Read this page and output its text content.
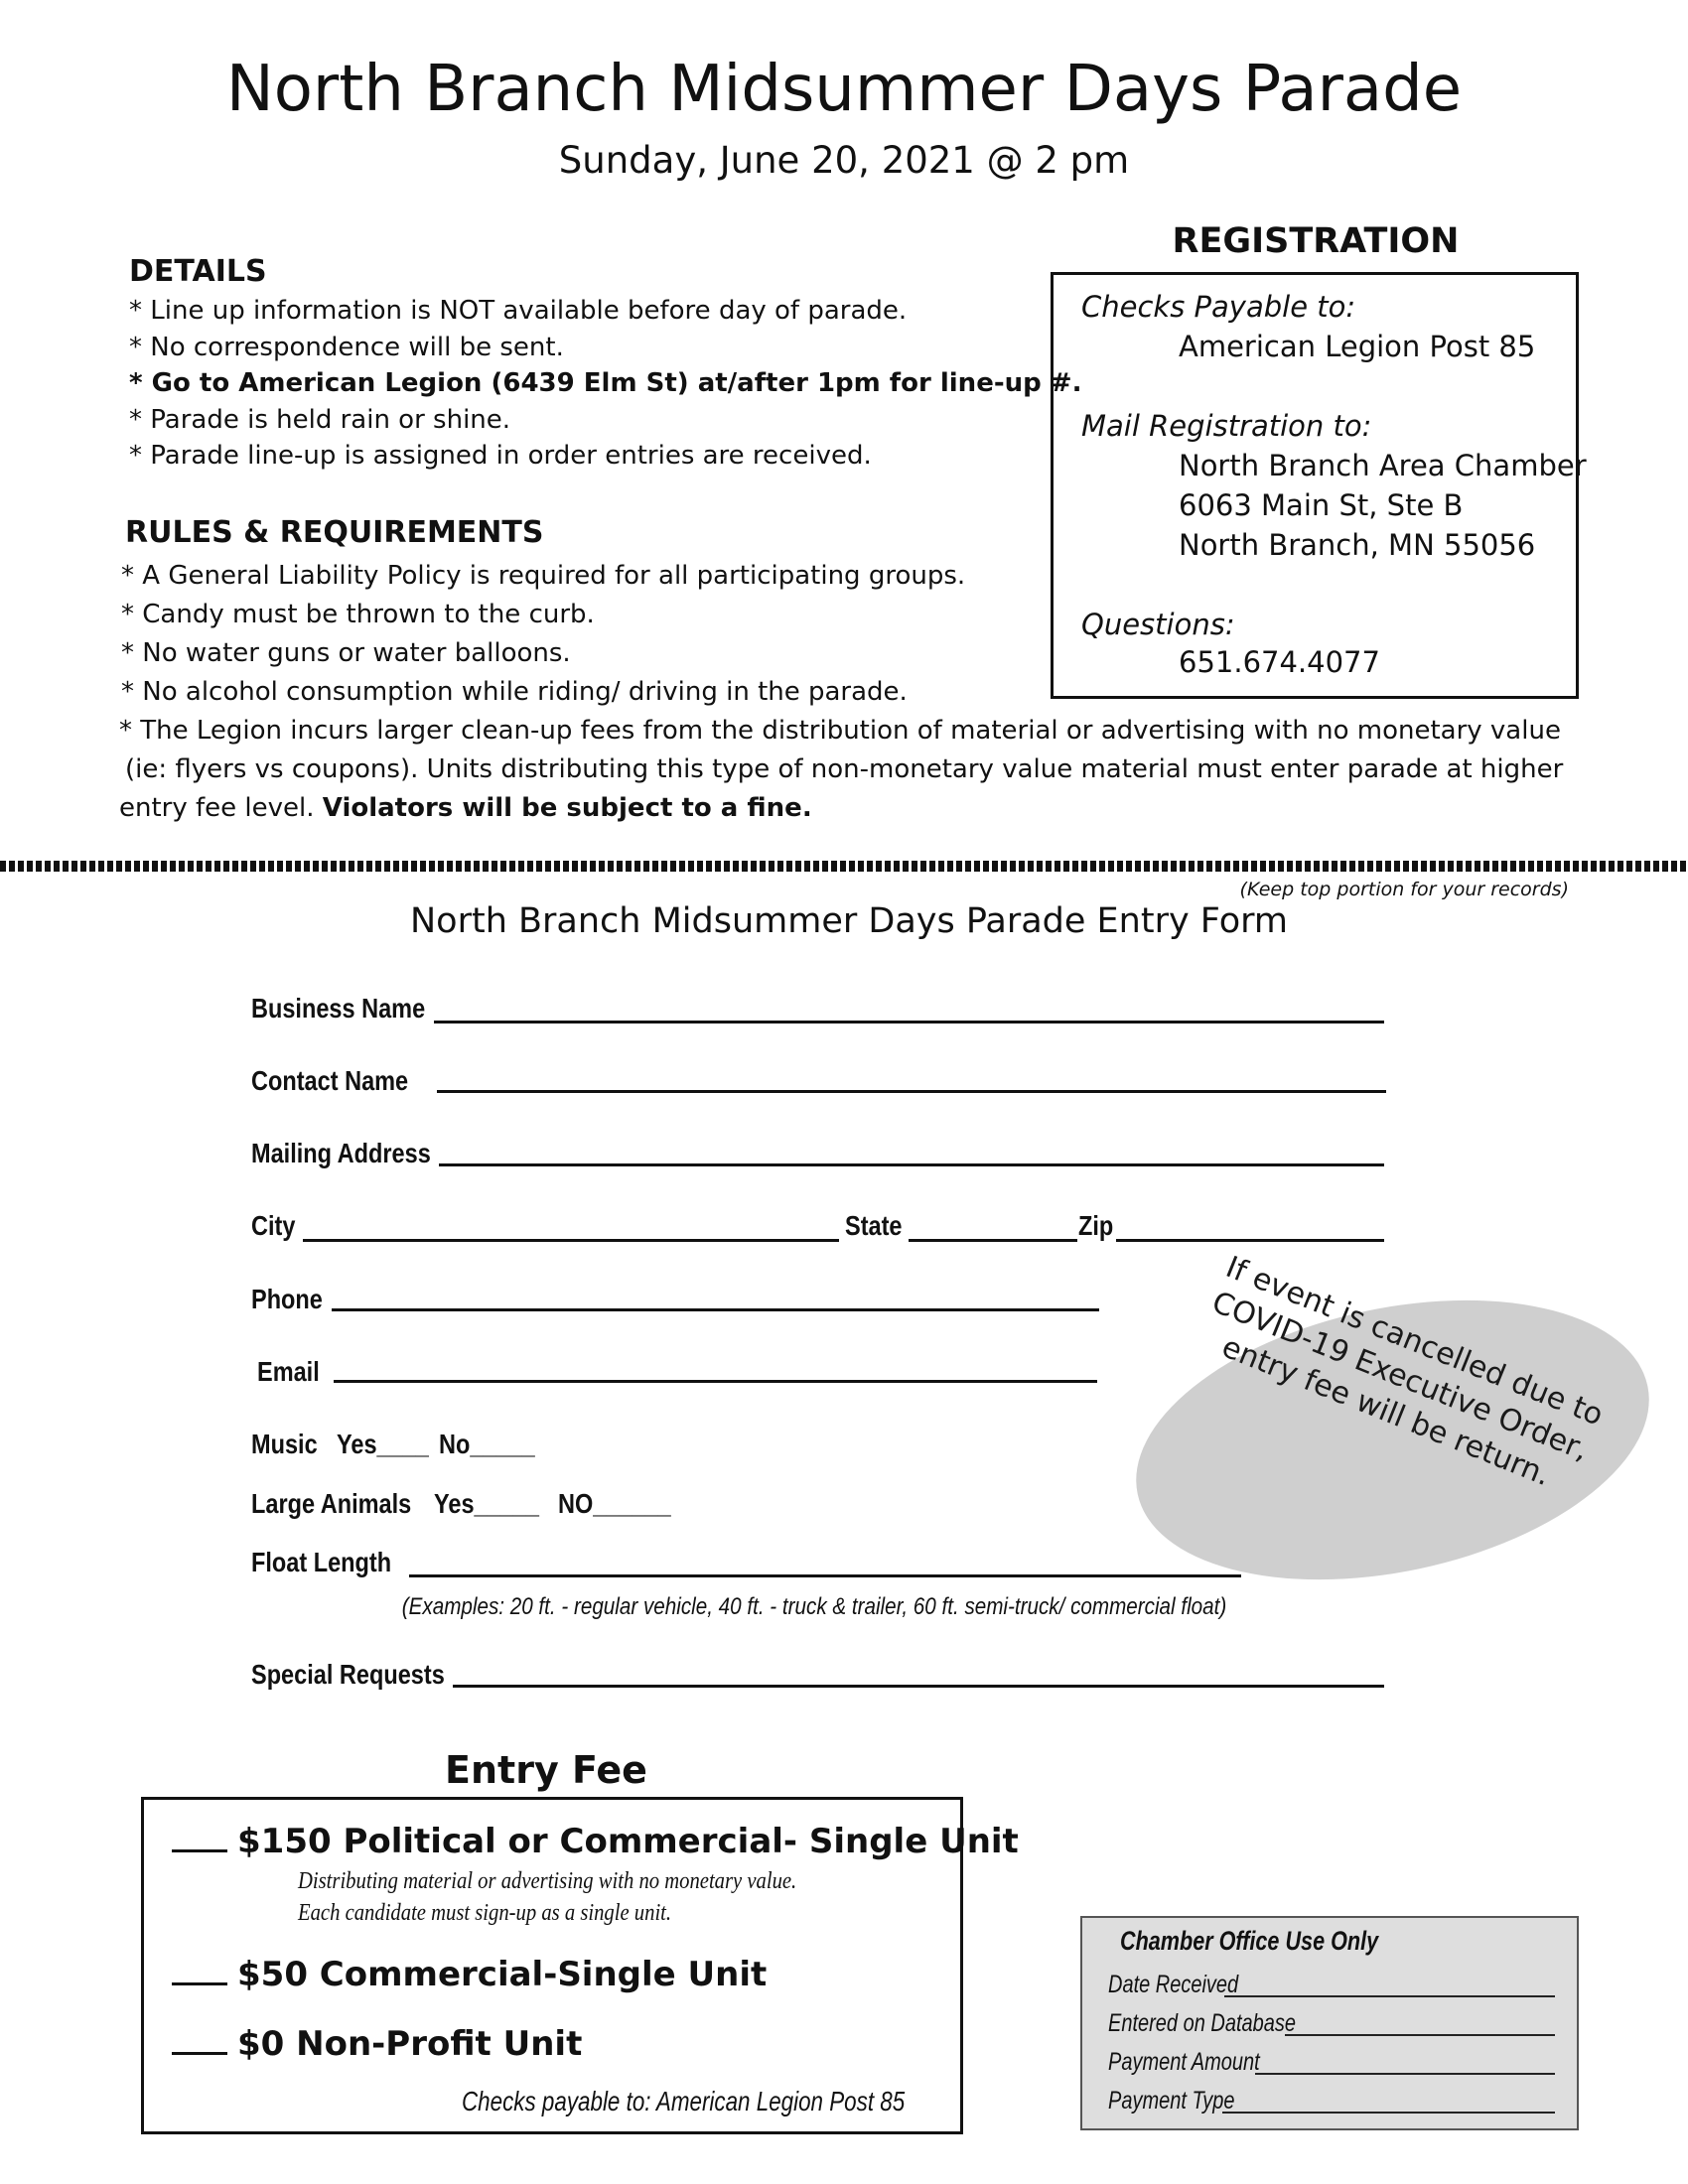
North Branch Midsummer Days Parade
Sunday, June 20, 2021 @ 2 pm
DETAILS
* Line up information is NOT available before day of parade.
* No correspondence will be sent.
* Go to American Legion (6439 Elm St) at/after 1pm for line-up #.
* Parade is held rain or shine.
* Parade line-up is assigned in order entries are received.
RULES & REQUIREMENTS
* A General Liability Policy is required for all participating groups.
* Candy must be thrown to the curb.
* No water guns or water balloons.
* No alcohol consumption while riding/ driving in the parade.
* The Legion incurs larger clean-up fees from the distribution of material or advertising with no monetary value
(ie: flyers vs coupons). Units distributing this type of non-monetary value material must enter parade at higher
entry fee level. Violators will be subject to a fine.
REGISTRATION
Checks Payable to:
American Legion Post 85
Mail Registration to:
North Branch Area Chamber
6063 Main St, Ste B
North Branch, MN 55056
Questions:
651.674.4077
(Keep top portion for your records)
North Branch Midsummer Days Parade Entry Form
Business Name
Contact Name
Mailing Address
City	State	Zip
Phone
Email
Music Yes____ No_____
Large Animals Yes_____ NO______
Float Length
(Examples: 20 ft. - regular vehicle, 40 ft. - truck & trailer, 60 ft. semi-truck/ commercial float)
Special Requests
If event is cancelled due to COVID-19 Executive Order, entry fee will be return.
Entry Fee
$150 Political or Commercial- Single Unit
Distributing material or advertising with no monetary value.
Each candidate must sign-up as a single unit.
$50 Commercial-Single Unit
$0 Non-Profit Unit
Checks payable to: American Legion Post 85
Chamber Office Use Only
Date Received
Entered on Database
Payment Amount
Payment Type
